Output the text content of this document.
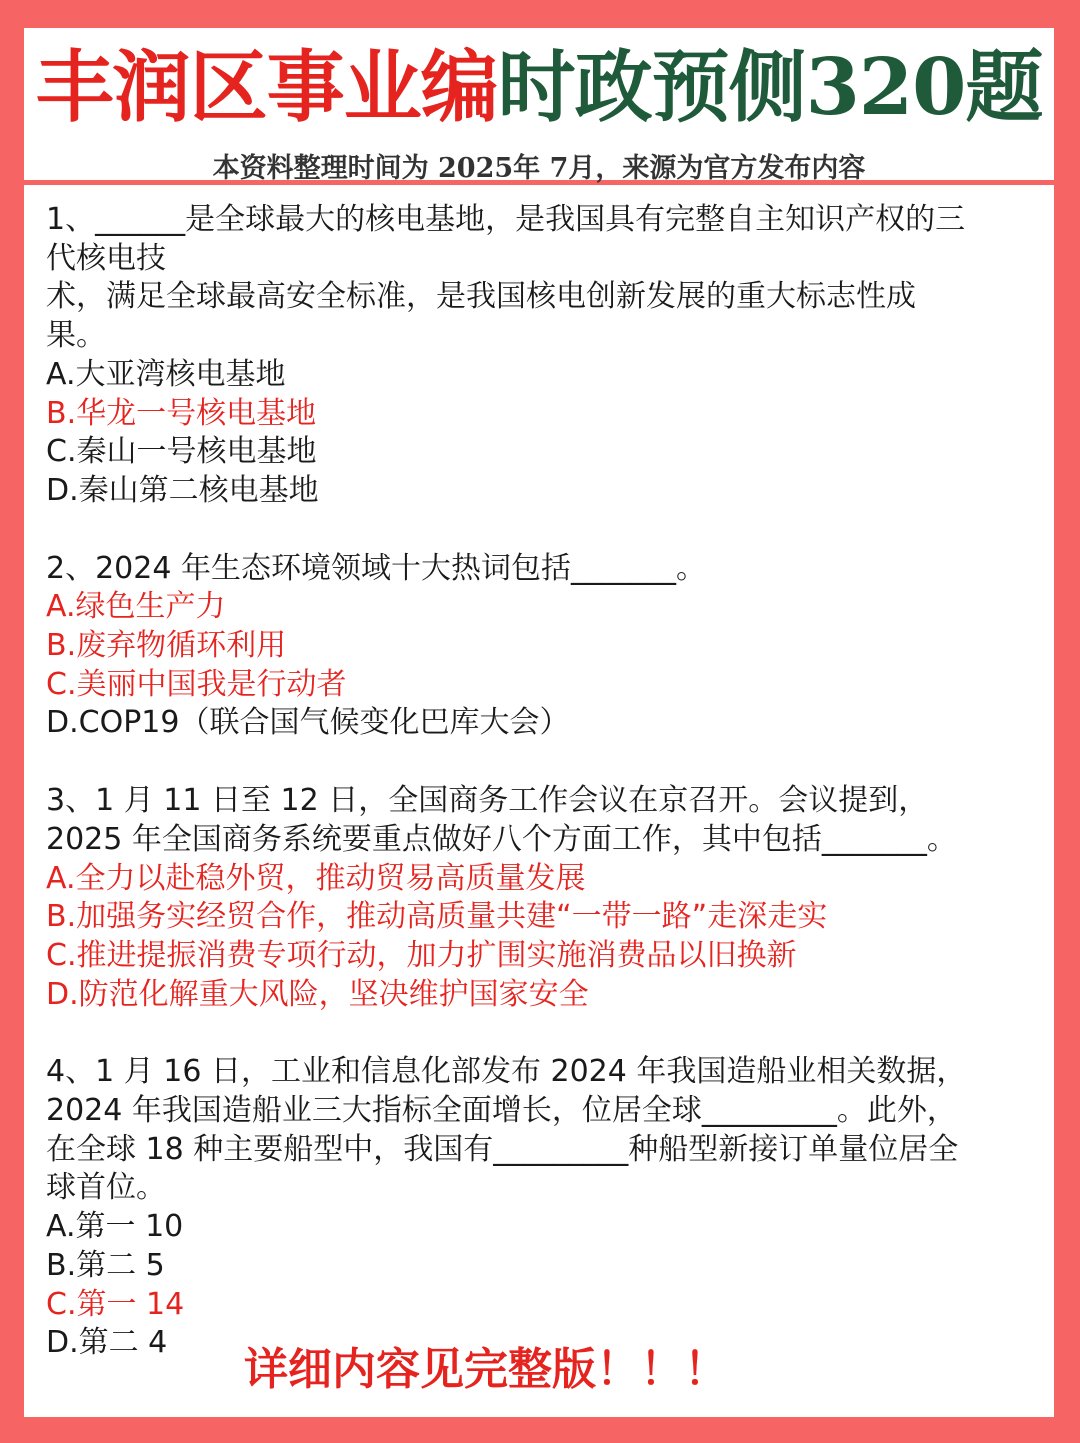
丰润区事业编时政预侧320题
本资料整理时间为 2025年 7月，来源为官方发布内容
1、______是全球最大的核电基地，是我国具有完整自主知识产权的三
代核电技
术，满足全球最高安全标准，是我国核电创新发展的重大标志性成
果。
A.大亚湾核电基地
B.华龙一号核电基地
C.秦山一号核电基地
D.秦山第二核电基地
2、2024 年生态环境领域十大热词包括_______。
A.绿色生产力
B.废弃物循环利用
C.美丽中国我是行动者
D.COP19（联合国气候变化巴库大会）
3、1 月 11 日至 12 日，全国商务工作会议在京召开。会议提到，
2025 年全国商务系统要重点做好八个方面工作，其中包括_______。
A.全力以赴稳外贸，推动贸易高质量发展
B.加强务实经贸合作，推动高质量共建“一带一路”走深走实
C.推进提振消费专项行动，加力扩围实施消费品以旧换新
D.防范化解重大风险，坚决维护国家安全
4、1 月 16 日，工业和信息化部发布 2024 年我国造船业相关数据，
2024 年我国造船业三大指标全面增长，位居全球_________。此外，
在全球 18 种主要船型中，我国有_________种船型新接订单量位居全
球首位。
A.第一 10
B.第二 5
C.第一 14
D.第二 4
详细内容见完整版！！！
